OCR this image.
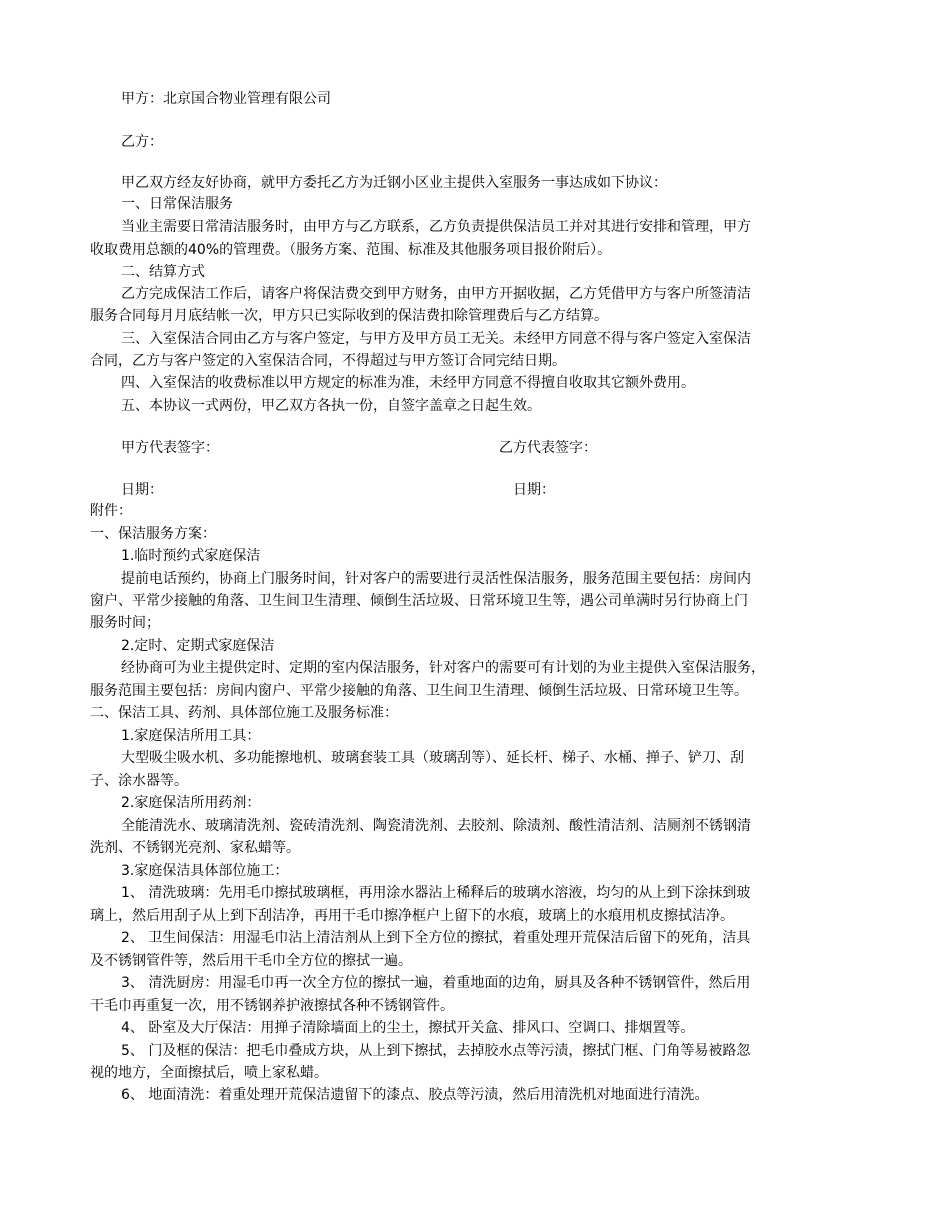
甲方：北京国合物业管理有限公司
乙方：
甲乙双方经友好协商，就甲方委托乙方为迁钢小区业主提供入室服务一事达成如下协议：
一、日常保洁服务
当业主需要日常清洁服务时，由甲方与乙方联系，乙方负责提供保洁员工并对其进行安排和管理，甲方
收取费用总额的40%的管理费。（服务方案、范围、标准及其他服务项目报价附后）。
二、结算方式
乙方完成保洁工作后，请客户将保洁费交到甲方财务，由甲方开据收据，乙方凭借甲方与客户所签清洁
服务合同每月月底结帐一次，甲方只已实际收到的保洁费扣除管理费后与乙方结算。
三、入室保洁合同由乙方与客户签定，与甲方及甲方员工无关。未经甲方同意不得与客户签定入室保洁
合同，乙方与客户签定的入室保洁合同，不得超过与甲方签订合同完结日期。
四、入室保洁的收费标准以甲方规定的标准为准，未经甲方同意不得擅自收取其它额外费用。
五、本协议一式两份，甲乙双方各执一份，自签字盖章之日起生效。
甲方代表签字：	乙方代表签字：
日期：	日期：
附件：
一、保洁服务方案：
1.临时预约式家庭保洁
提前电话预约，协商上门服务时间，针对客户的需要进行灵活性保洁服务，服务范围主要包括：房间内
窗户、平常少接触的角落、卫生间卫生清理、倾倒生活垃圾、日常环境卫生等，遇公司单满时另行协商上门
服务时间；
2.定时、定期式家庭保洁
经协商可为业主提供定时、定期的室内保洁服务，针对客户的需要可有计划的为业主提供入室保洁服务，
服务范围主要包括：房间内窗户、平常少接触的角落、卫生间卫生清理、倾倒生活垃圾、日常环境卫生等。
二、保洁工具、药剂、具体部位施工及服务标准：
1.家庭保洁所用工具：
大型吸尘吸水机、多功能擦地机、玻璃套装工具（玻璃刮等）、延长杆、梯子、水桶、掸子、铲刀、刮
子、涂水器等。
2.家庭保洁所用药剂：
全能清洗水、玻璃清洗剂、瓷砖清洗剂、陶瓷清洗剂、去胶剂、除渍剂、酸性清洁剂、洁厕剂不锈钢清
洗剂、不锈钢光亮剂、家私蜡等。
3.家庭保洁具体部位施工：
1、 清洗玻璃：先用毛巾擦拭玻璃框，再用涂水器沾上稀释后的玻璃水溶液，均匀的从上到下涂抹到玻
璃上，然后用刮子从上到下刮洁净，再用干毛巾擦净框户上留下的水痕，玻璃上的水痕用机皮擦拭洁净。
2、 卫生间保洁：用湿毛巾沾上清洁剂从上到下全方位的擦拭，着重处理开荒保洁后留下的死角，洁具
及不锈钢管件等，然后用干毛巾全方位的擦拭一遍。
3、 清洗厨房：用湿毛巾再一次全方位的擦拭一遍，着重地面的边角，厨具及各种不锈钢管件，然后用
干毛巾再重复一次，用不锈钢养护液擦拭各种不锈钢管件。
4、 卧室及大厅保洁：用掸子清除墙面上的尘土，擦拭开关盒、排风口、空调口、排烟置等。
5、 门及框的保洁：把毛巾叠成方块，从上到下擦拭，去掉胶水点等污渍，擦拭门框、门角等易被路忽
视的地方，全面擦拭后，喷上家私蜡。
6、 地面清洗：着重处理开荒保洁遗留下的漆点、胶点等污渍，然后用清洗机对地面进行清洗。
